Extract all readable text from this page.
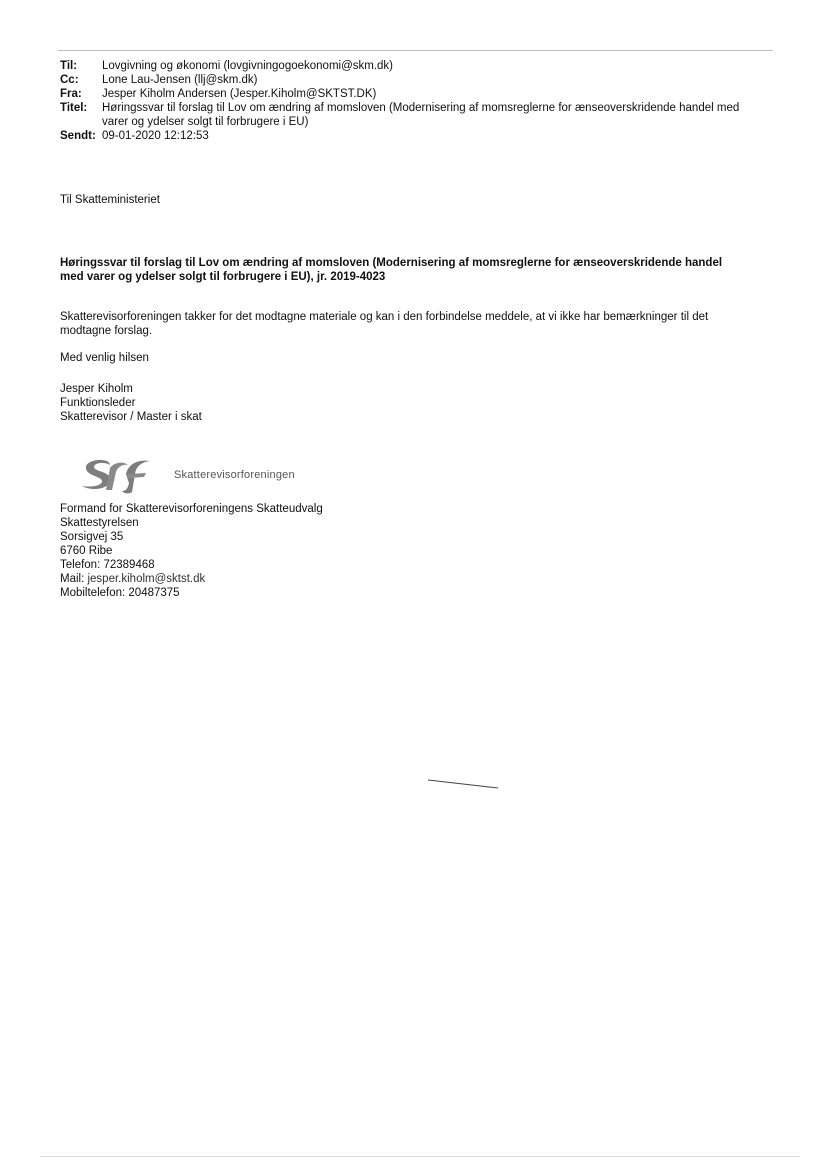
Til:	Lovgivning og økonomi (lovgivningogoekonomi@skm.dk)
Cc:	Lone Lau-Jensen (llj@skm.dk)
Fra:	Jesper Kiholm Andersen (Jesper.Kiholm@SKTST.DK)
Titel:	Høringssvar til forslag til Lov om ændring af momsloven (Modernisering af momsreglerne for ænseoverskridende handel med
varer og ydelser solgt til forbrugere i EU)
Sendt: 09-01-2020 12:12:53
Til Skatteministeriet
Høringssvar til forslag til Lov om ændring af momsloven (Modernisering af momsreglerne for ænseoverskridende handel
med varer og ydelser solgt til forbrugere i EU), jr. 2019-4023
Skatterevisorforeningen takker for det modtagne materiale og kan i den forbindelse meddele, at vi ikke har bemærkninger til det
modtagne forslag.
Med venlig hilsen
Jesper Kiholm
Funktionsleder
Skatterevisor / Master i skat
Skatterevisorforeningen
Formand for Skatterevisorforeningens Skatteudvalg
Skattestyrelsen
Sorsigvej 35
6760 Ribe
Telefon: 72389468
Mail: jesper.kiholm@sktst.dk
Mobiltelefon: 20487375
